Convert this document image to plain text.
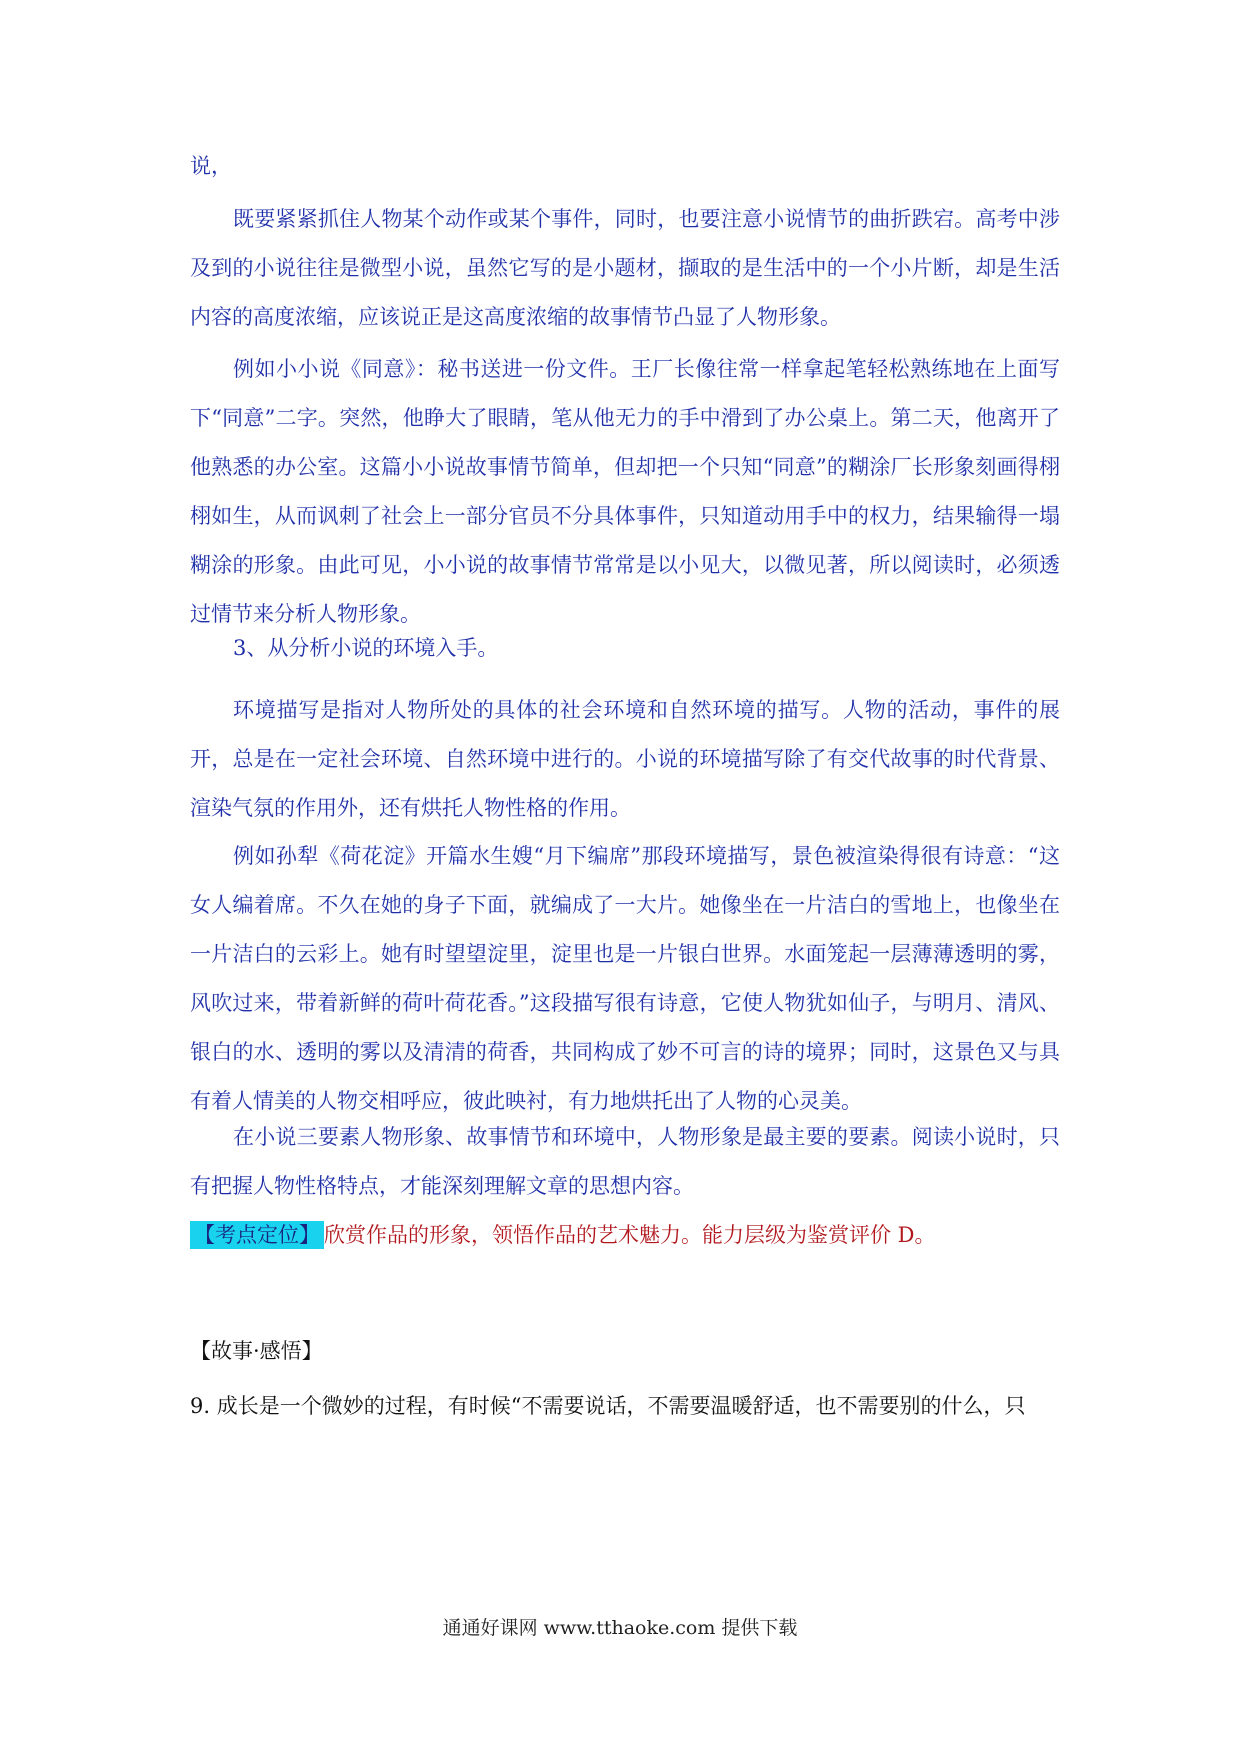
说，

既要紧紧抓住人物某个动作或某个事件，同时，也要注意小说情节的曲折跌宕。高考中涉及到的小说往往是微型小说，虽然它写的是小题材，撷取的是生活中的一个小片断，却是生活内容的高度浓缩，应该说正是这高度浓缩的故事情节凸显了人物形象。

例如小小说《同意》：秘书送进一份文件。王厂长像往常一样拿起笔轻松熟练地在上面写下“同意”二字。突然，他睁大了眼睛，笔从他无力的手中滑到了办公桌上。第二天，他离开了他熟悉的办公室。这篇小小说故事情节简单，但却把一个只知“同意”的糊涂厂长形象刻画得栩栩如生，从而讽刺了社会上一部分官员不分具体事件，只知道动用手中的权力，结果输得一塌糊涂的形象。由此可见，小小说的故事情节常常是以小见大，以微见著，所以阅读时，必须透过情节来分析人物形象。

3、从分析小说的环境入手。

环境描写是指对人物所处的具体的社会环境和自然环境的描写。人物的活动，事件的展开，总是在一定社会环境、自然环境中进行的。小说的环境描写除了有交代故事的时代背景、渲染气氛的作用外，还有烘托人物性格的作用。

例如孙犁《荷花淀》开篇水生嫂“月下编席”那段环境描写，景色被渲染得很有诗意：“这女人编着席。不久在她的身子下面，就编成了一大片。她像坐在一片洁白的雪地上，也像坐在一片洁白的云彩上。她有时望望淀里，淀里也是一片银白世界。水面笼起一层薄薄透明的雾，风吹过来，带着新鲜的荷叶荷花香。”这段描写很有诗意，它使人物犹如仙子，与明月、清风、银白的水、透明的雾以及清清的荷香，共同构成了妙不可言的诗的境界；同时，这景色又与具有着人情美的人物交相呼应，彼此映衬，有力地烘托出了人物的心灵美。

在小说三要素人物形象、故事情节和环境中，人物形象是最主要的要素。阅读小说时，只有把握人物性格特点，才能深刻理解文章的思想内容。

【考点定位】 欣赏作品的形象，领悟作品的艺术魅力。能力层级为鉴赏评价 D。

【故事·感悟】

9. 成长是一个微妙的过程，有时候“不需要说话，不需要温暖舒适，也不需要别的什么，只

通通好课网 www.tthaoke.com 提供下载
